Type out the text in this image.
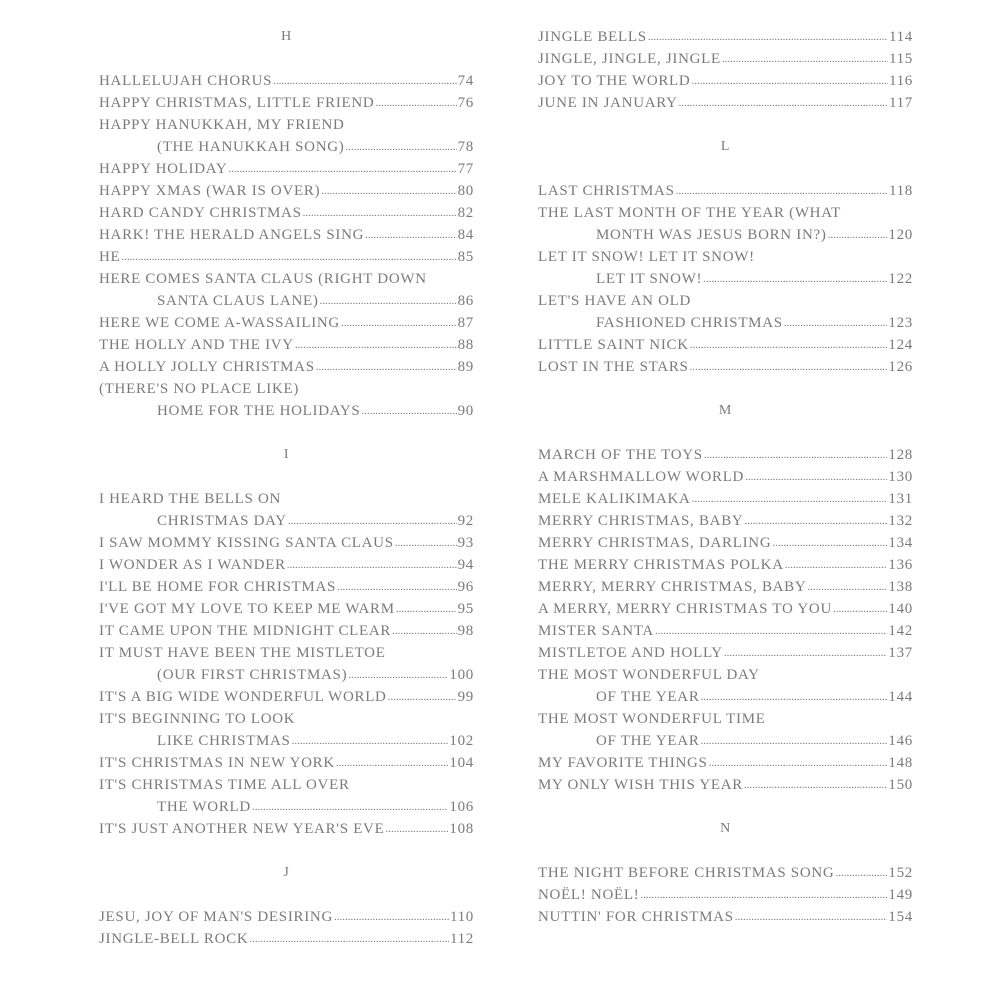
H
HALLELUJAH CHORUS .....	74
HAPPY CHRISTMAS, LITTLE FRIEND .....	76
HAPPY HANUKKAH, MY FRIEND
(THE HANUKKAH SONG) .....	78
HAPPY HOLIDAY .....	77
HAPPY XMAS (WAR IS OVER) .....	80
HARD CANDY CHRISTMAS .....	82
HARK! THE HERALD ANGELS SING .....	84
HE .....	85
HERE COMES SANTA CLAUS (RIGHT DOWN
SANTA CLAUS LANE) .....	86
HERE WE COME A-WASSAILING .....	87
THE HOLLY AND THE IVY .....	88
A HOLLY JOLLY CHRISTMAS .....	89
(THERE'S NO PLACE LIKE)
HOME FOR THE HOLIDAYS .....	90
I
I HEARD THE BELLS ON
CHRISTMAS DAY .....	92
I SAW MOMMY KISSING SANTA CLAUS .....	93
I WONDER AS I WANDER .....	94
I'LL BE HOME FOR CHRISTMAS .....	96
I'VE GOT MY LOVE TO KEEP ME WARM .....	95
IT CAME UPON THE MIDNIGHT CLEAR .....	98
IT MUST HAVE BEEN THE MISTLETOE
(OUR FIRST CHRISTMAS) .....	100
IT'S A BIG WIDE WONDERFUL WORLD .....	99
IT'S BEGINNING TO LOOK
LIKE CHRISTMAS .....	102
IT'S CHRISTMAS IN NEW YORK .....	104
IT'S CHRISTMAS TIME ALL OVER
THE WORLD .....	106
IT'S JUST ANOTHER NEW YEAR'S EVE .....	108
J
JESU, JOY OF MAN'S DESIRING .....	110
JINGLE-BELL ROCK .....	112
JINGLE BELLS .....	114
JINGLE, JINGLE, JINGLE .....	115
JOY TO THE WORLD .....	116
JUNE IN JANUARY .....	117
L
LAST CHRISTMAS .....	118
THE LAST MONTH OF THE YEAR (WHAT
MONTH WAS JESUS BORN IN?) .....	120
LET IT SNOW! LET IT SNOW!
LET IT SNOW! .....	122
LET'S HAVE AN OLD
FASHIONED CHRISTMAS .....	123
LITTLE SAINT NICK .....	124
LOST IN THE STARS .....	126
M
MARCH OF THE TOYS .....	128
A MARSHMALLOW WORLD .....	130
MELE KALIKIMAKA .....	131
MERRY CHRISTMAS, BABY .....	132
MERRY CHRISTMAS, DARLING .....	134
THE MERRY CHRISTMAS POLKA .....	136
MERRY, MERRY CHRISTMAS, BABY .....	138
A MERRY, MERRY CHRISTMAS TO YOU .....	140
MISTER SANTA .....	142
MISTLETOE AND HOLLY .....	137
THE MOST WONDERFUL DAY
OF THE YEAR .....	144
THE MOST WONDERFUL TIME
OF THE YEAR .....	146
MY FAVORITE THINGS .....	148
MY ONLY WISH THIS YEAR .....	150
N
THE NIGHT BEFORE CHRISTMAS SONG .....	152
NOËL! NOËL! .....	149
NUTTIN' FOR CHRISTMAS .....	154
